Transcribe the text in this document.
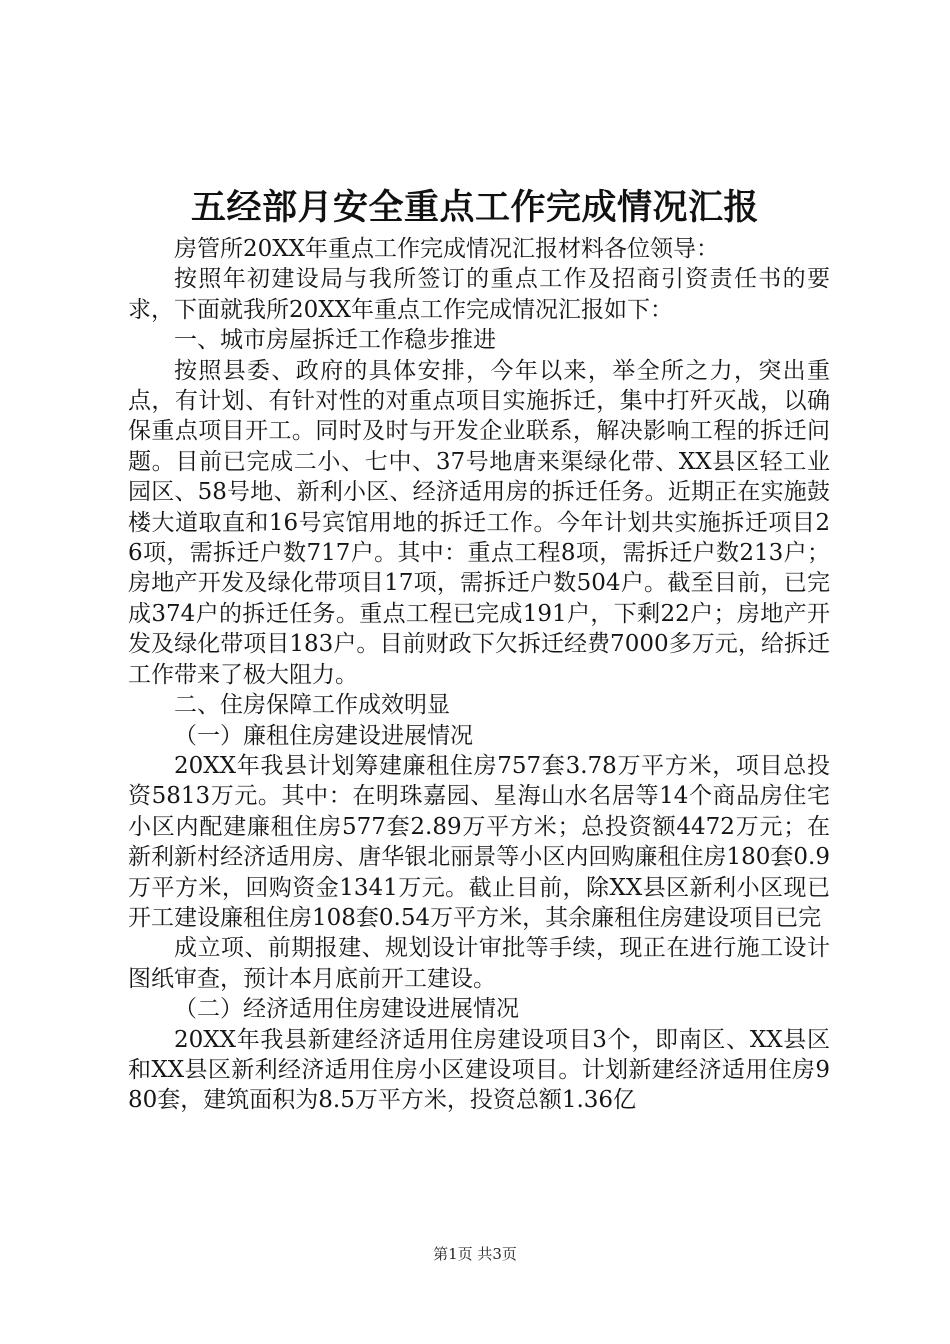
五经部月安全重点工作完成情况汇报

房管所20XX年重点工作完成情况汇报材料各位领导：

按照年初建设局与我所签订的重点工作及招商引资责任书的要求，下面就我所20XX年重点工作完成情况汇报如下：

一、城市房屋拆迁工作稳步推进

按照县委、政府的具体安排，今年以来，举全所之力，突出重点，有计划、有针对性的对重点项目实施拆迁，集中打歼灭战，以确保重点项目开工。同时及时与开发企业联系，解决影响工程的拆迁问题。目前已完成二小、七中、37号地唐来渠绿化带、XX县区轻工业园区、58号地、新利小区、经济适用房的拆迁任务。近期正在实施鼓楼大道取直和16号宾馆用地的拆迁工作。今年计划共实施拆迁项目26项，需拆迁户数717户。其中：重点工程8项，需拆迁户数213户；房地产开发及绿化带项目17项，需拆迁户数504户。截至目前，已完成374户的拆迁任务。重点工程已完成191户，下剩22户；房地产开发及绿化带项目183户。目前财政下欠拆迁经费7000多万元，给拆迁工作带来了极大阻力。

二、住房保障工作成效明显

（一）廉租住房建设进展情况

20XX年我县计划筹建廉租住房757套3.78万平方米，项目总投资5813万元。其中：在明珠嘉园、星海山水名居等14个商品房住宅小区内配建廉租住房577套2.89万平方米；总投资额4472万元；在新利新村经济适用房、唐华银北丽景等小区内回购廉租住房180套0.9万平方米，回购资金1341万元。截止目前，除XX县区新利小区现已开工建设廉租住房108套0.54万平方米，其余廉租住房建设项目已完

成立项、前期报建、规划设计审批等手续，现正在进行施工设计图纸审查，预计本月底前开工建设。

（二）经济适用住房建设进展情况

20XX年我县新建经济适用住房建设项目3个，即南区、XX县区和XX县区新利经济适用住房小区建设项目。计划新建经济适用住房980套，建筑面积为8.5万平方米，投资总额1.36亿

第1页 共3页
